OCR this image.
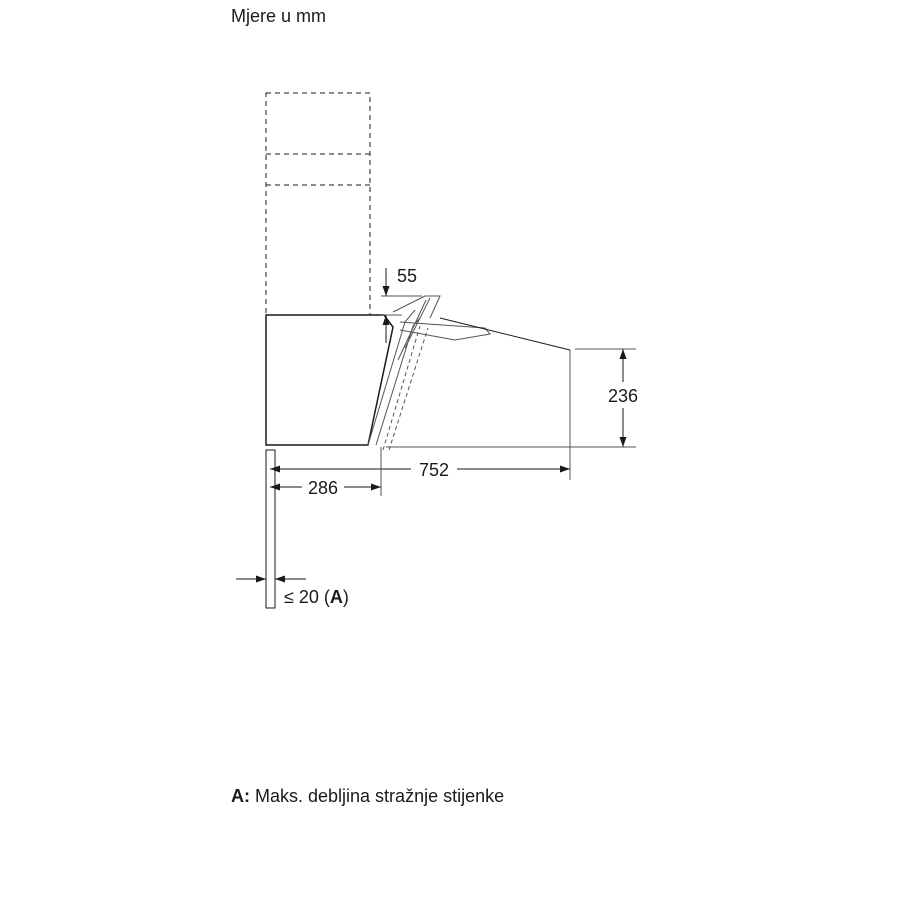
Mjere u mm
55
236
752
286
≤ 20 (A)
A: Maks. debljina stražnje stijenke
